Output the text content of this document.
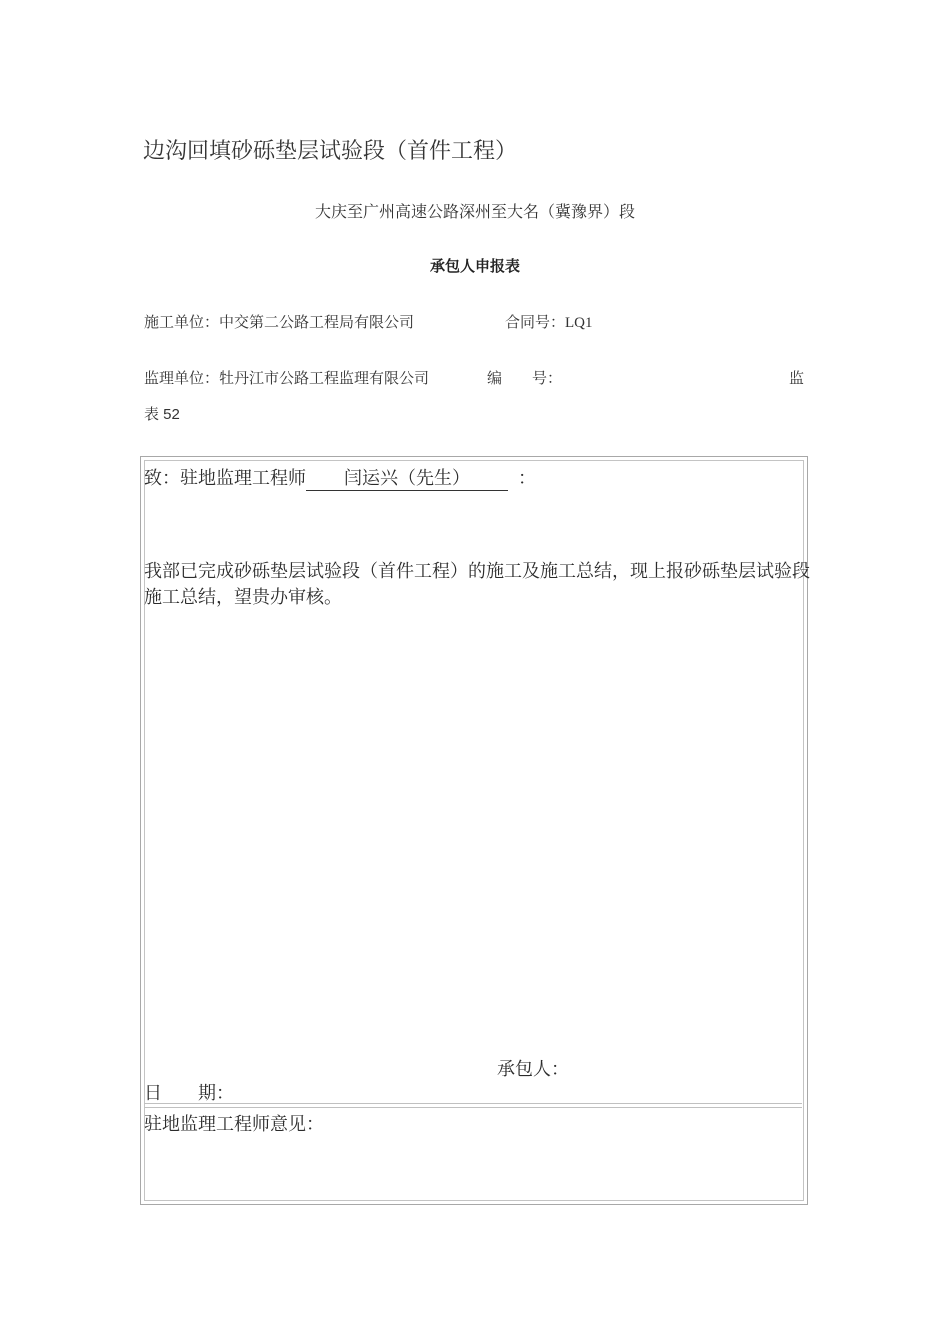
边沟回填砂砾垫层试验段（首件工程）
大庆至广州高速公路深州至大名（冀豫界）段
承包人申报表
施工单位：中交第二公路工程局有限公司	合同号：LQ1
监理单位：牡丹江市公路工程监理有限公司	编　　号：	监
表 52
致：驻地监理工程师 闫运兴（先生）	：
我部已完成砂砾垫层试验段（首件工程）的施工及施工总结，现上报砂砾垫层试验段施工总结，望贵办审核。
承包人：
日　　期：
驻地监理工程师意见：
